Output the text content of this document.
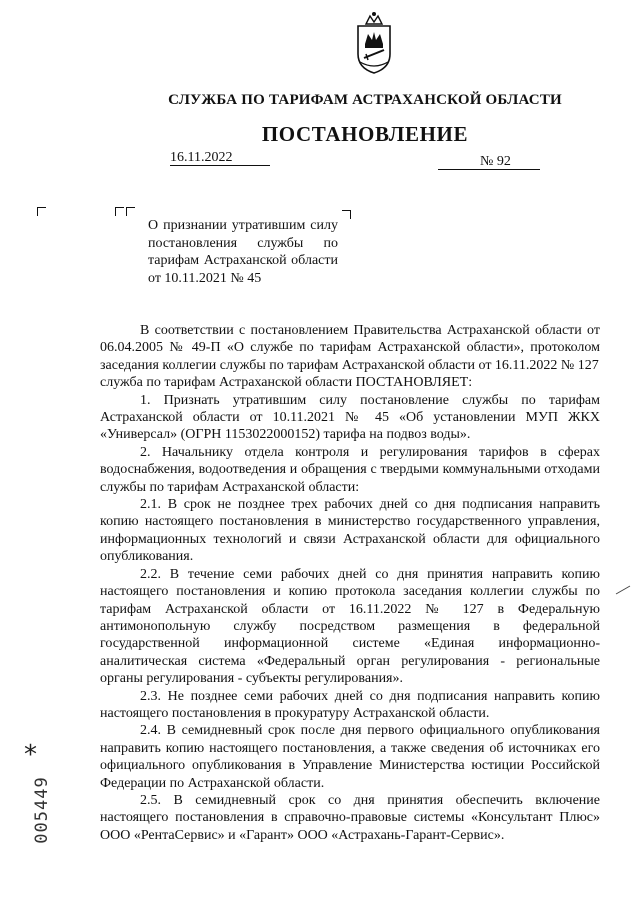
СЛУЖБА ПО ТАРИФАМ АСТРАХАНСКОЙ ОБЛАСТИ
ПОСТАНОВЛЕНИЕ
16.11.2022	№ 92
О признании утратившим силу постановления службы по тарифам Астраханской области от 10.11.2021 № 45

В соответствии с постановлением Правительства Астраханской области от 06.04.2005 № 49-П «О службе по тарифам Астраханской области», протоколом заседания коллегии службы по тарифам Астраханской области от 16.11.2022 № 127

служба по тарифам Астраханской области ПОСТАНОВЛЯЕТ:

1. Признать утратившим силу постановление службы по тарифам Астраханской области от 10.11.2021 № 45 «Об установлении МУП ЖКХ «Универсал» (ОГРН 1153022000152) тарифа на подвоз воды».

2. Начальнику отдела контроля и регулирования тарифов в сферах водоснабжения, водоотведения и обращения с твердыми коммунальными отходами службы по тарифам Астраханской области:

2.1. В срок не позднее трех рабочих дней со дня подписания направить копию настоящего постановления в министерство государственного управления, информационных технологий и связи Астраханской области для официального опубликования.

2.2. В течение семи рабочих дней со дня принятия направить копию настоящего постановления и копию протокола заседания коллегии службы по тарифам Астраханской области от 16.11.2022 № 127 в Федеральную антимонопольную службу посредством размещения в федеральной государственной информационной системе «Единая информационно-аналитическая система «Федеральный орган регулирования - региональные органы регулирования - субъекты регулирования».

2.3. Не позднее семи рабочих дней со дня подписания направить копию настоящего постановления в прокуратуру Астраханской области.

2.4. В семидневный срок после дня первого официального опубликования направить копию настоящего постановления, а также сведения об источниках его официального опубликования в Управление Министерства юстиции Российской Федерации по Астраханской области.

2.5. В семидневный срок со дня принятия обеспечить включение настоящего постановления в справочно-правовые системы «Консультант Плюс» ООО «РентаСервис» и «Гарант» ООО «Астрахань-Гарант-Сервис».

*
005449
